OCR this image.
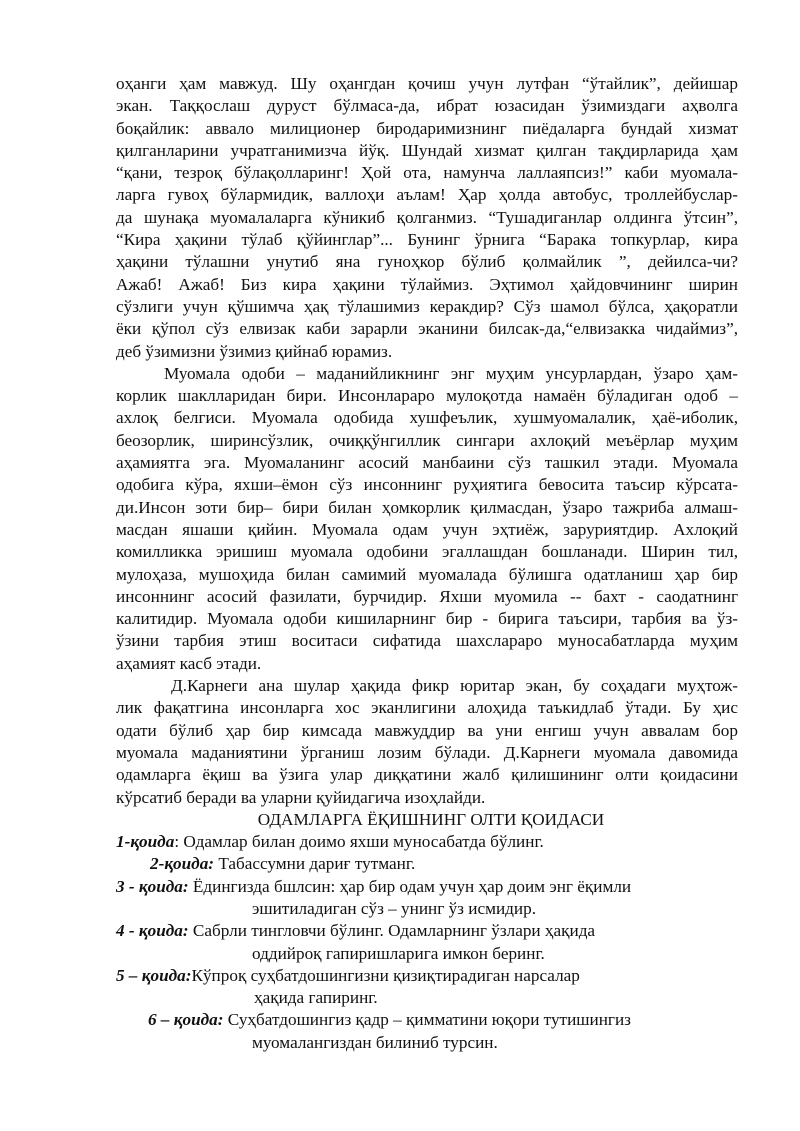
оҳанги ҳам мавжуд. Шу оҳангдан қочиш учун лутфан “ўтайлик”, дейишар
экан. Таққослаш дуруст бўлмаса-да, ибрат юзасидан ўзимиздаги аҳволга
боқайлик: аввало милиционер биродаримизнинг пиёдаларга бундай хизмат
қилганларини учратганимизча йўқ. Шундай хизмат қилган тақдирларида ҳам
“қани, тезроқ бўлақолларинг! Ҳой ота, намунча лаллаяпсиз!” каби муомала-
ларга гувоҳ бўлармидик, валлоҳи аълам! Ҳар ҳолда автобус, троллейбуслар-
да шунақа муомалаларга кўникиб қолганмиз. “Тушадиганлар олдинга ўтсин”,
“Кира ҳақини тўлаб қўйинглар”... Бунинг ўрнига “Барака топкурлар, кира
ҳақини тўлашни унутиб яна гуноҳкор бўлиб қолмайлик ”, дейилса-чи?
Ажаб! Ажаб! Биз кира ҳақини тўлаймиз. Эҳтимол ҳайдовчининг ширин
сўзлиги учун қўшимча ҳақ тўлашимиз керакдир? Сўз шамол бўлса, ҳақоратли
ёки қўпол сўз елвизак каби зарарли эканини билсак-да,“елвизакка чидаймиз”,
деб ўзимизни ўзимиз қийнаб юрамиз.
Муомала одоби – маданийликнинг энг муҳим унсурлардан, ўзаро ҳам-
корлик шаклларидан бири. Инсонлараро мулоқотда намаён бўладиган одоб –
ахлоқ белгиси. Муомала одобида хушфеълик, хушмуомалалик, ҳаё-иболик,
беозорлик, ширинсўзлик, очиққўнгиллик сингари ахлоқий меъёрлар муҳим
аҳамиятга эга. Муомаланинг асосий манбаини сўз ташкил этади. Муомала
одобига кўра, яхши–ёмон сўз инсоннинг руҳиятига бевосита таъсир кўрсата-
ди.Инсон зоти бир– бири билан ҳомкорлик қилмасдан, ўзаро тажриба алмаш-
масдан яшаши қийин. Муомала одам учун эҳтиёж, заруриятдир. Ахлоқий
комилликка эришиш муомала одобини эгаллашдан бошланади. Ширин тил,
мулоҳаза, мушоҳида билан самимий муомалада бўлишга одатланиш ҳар бир
инсоннинг асосий фазилати, бурчидир. Яхши муомила -- бахт - саодатнинг
калитидир. Муомала одоби кишиларнинг бир - бирига таъсири, тарбия ва ўз-
ўзини тарбия этиш воситаси сифатида шахслараро муносабатларда муҳим
аҳамият касб этади.
Д.Карнеги ана шулар ҳақида фикр юритар экан, бу соҳадаги муҳтож-
лик фақатгина инсонларга хос эканлигини алоҳида таъкидлаб ўтади. Бу ҳис
одати бўлиб ҳар бир кимсада мавжуддир ва уни енгиш учун аввалам бор
муомала маданиятини ўрганиш лозим бўлади. Д.Карнеги муомала давомида
одамларга ёқиш ва ўзига улар диққатини жалб қилишининг олти қоидасини
кўрсатиб беради ва уларни қуйидагича изоҳлайди.
ОДАМЛАРГА ЁҚИШНИНГ ОЛТИ ҚОИДАСИ
1-қоида: Одамлар билан доимо яхши муносабатда бўлинг.
2-қоида: Табассумни дариғ тутманг.
3 - қоида: Ёдингизда бшлсин: ҳар бир одам учун ҳар доим энг ёқимли
эшитиладиган сўз – унинг ўз исмидир.
4 - қоида: Сабрли тингловчи бўлинг. Одамларнинг ўзлари ҳақида
оддийроқ гапиришларига имкон беринг.
5 – қоида:Кўпроқ суҳбатдошингизни қизиқтирадиган нарсалар
ҳақида гапиринг.
6 – қоида: Суҳбатдошингиз қадр – қимматини юқори тутишингиз
муомалангиздан билиниб турсин.
